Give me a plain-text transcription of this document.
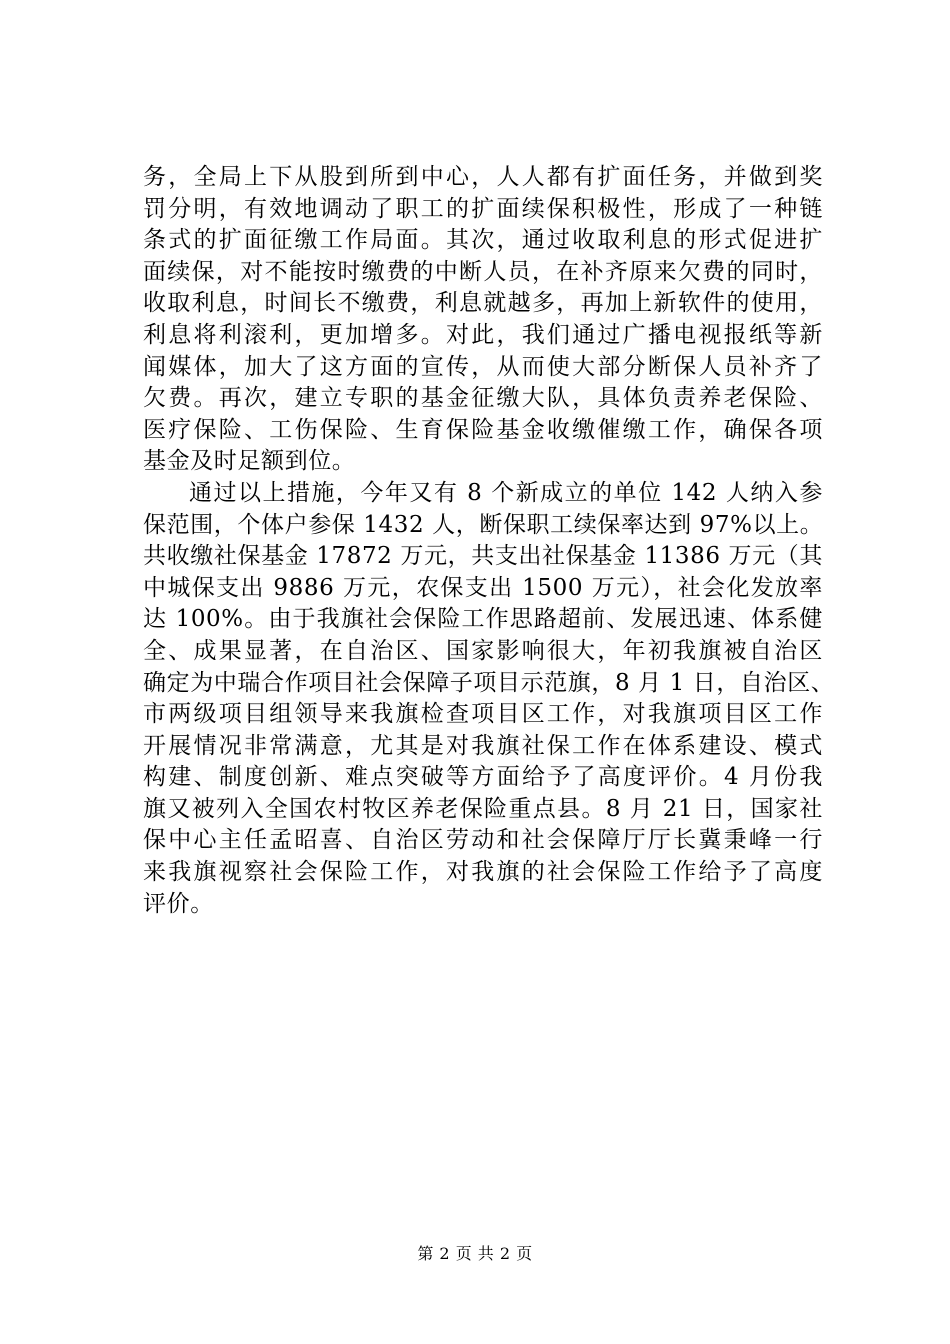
务，全局上下从股到所到中心，人人都有扩面任务，并做到奖
罚分明，有效地调动了职工的扩面续保积极性，形成了一种链
条式的扩面征缴工作局面。其次，通过收取利息的形式促进扩
面续保，对不能按时缴费的中断人员，在补齐原来欠费的同时，
收取利息，时间长不缴费，利息就越多，再加上新软件的使用，
利息将利滚利，更加增多。对此，我们通过广播电视报纸等新
闻媒体，加大了这方面的宣传，从而使大部分断保人员补齐了
欠费。再次，建立专职的基金征缴大队，具体负责养老保险、
医疗保险、工伤保险、生育保险基金收缴催缴工作，确保各项
基金及时足额到位。
通过以上措施，今年又有 8 个新成立的单位 142 人纳入参
保范围，个体户参保 1432 人，断保职工续保率达到 97%以上。
共收缴社保基金 17872 万元，共支出社保基金 11386 万元（其
中城保支出 9886 万元，农保支出 1500 万元），社会化发放率
达 100%。由于我旗社会保险工作思路超前、发展迅速、体系健
全、成果显著，在自治区、国家影响很大，年初我旗被自治区
确定为中瑞合作项目社会保障子项目示范旗，8 月 1 日，自治区、
市两级项目组领导来我旗检查项目区工作，对我旗项目区工作
开展情况非常满意，尤其是对我旗社保工作在体系建设、模式
构建、制度创新、难点突破等方面给予了高度评价。4 月份我
旗又被列入全国农村牧区养老保险重点县。8 月 21 日，国家社
保中心主任孟昭喜、自治区劳动和社会保障厅厅长冀秉峰一行
来我旗视察社会保险工作，对我旗的社会保险工作给予了高度
评价。
第 2 页 共 2 页
